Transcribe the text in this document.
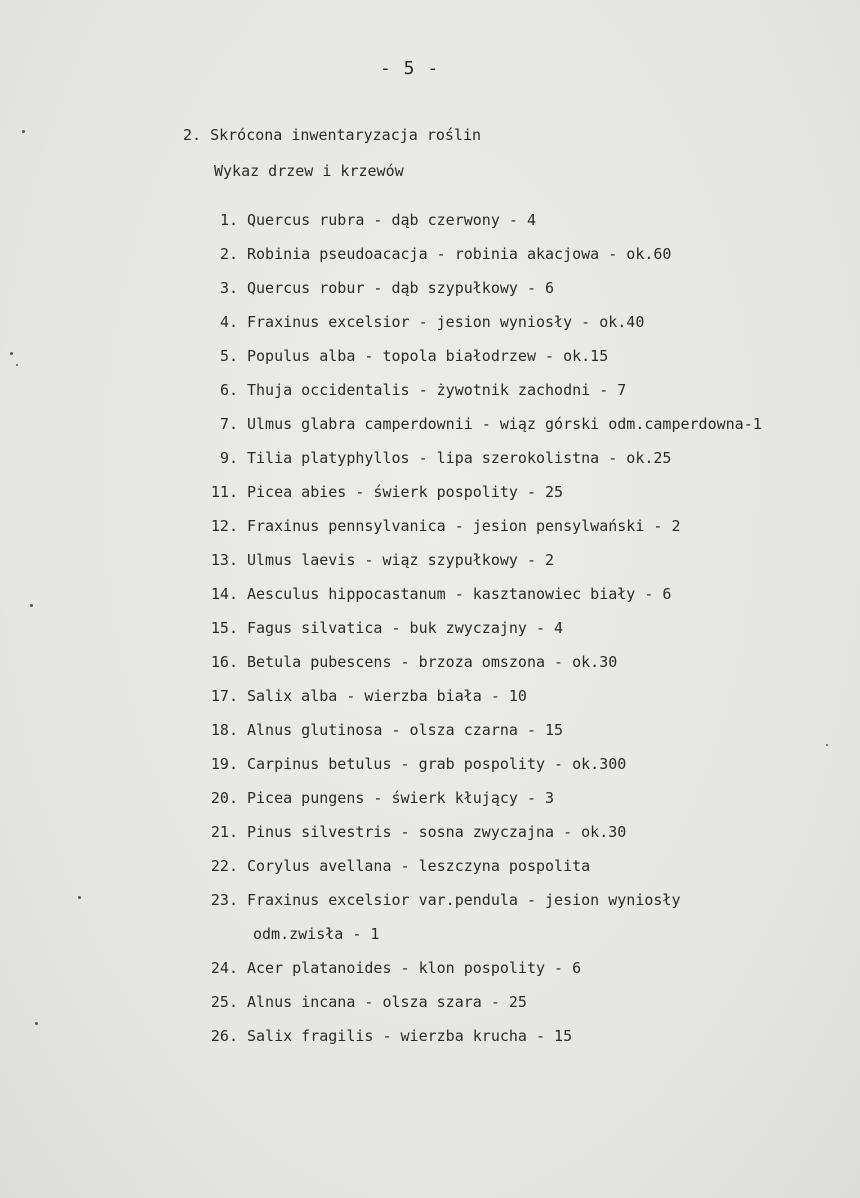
- 5 -
2. Skrócona inwentaryzacja roślin
Wykaz drzew i krzewów
1. Quercus rubra - dąb czerwony - 4
2. Robinia pseudoacacja - robinia akacjowa - ok.60
3. Quercus robur - dąb szypułkowy - 6
4. Fraxinus excelsior - jesion wyniosły - ok.40
5. Populus alba - topola białodrzew - ok.15
6. Thuja occidentalis - żywotnik zachodni - 7
7. Ulmus glabra camperdownii - wiąz górski odm.camperdowna-1
9. Tilia platyphyllos - lipa szerokolistna - ok.25
11. Picea abies - świerk pospolity - 25
12. Fraxinus pennsylvanica - jesion pensylwański - 2
13. Ulmus laevis - wiąz szypułkowy - 2
14. Aesculus hippocastanum - kasztanowiec biały - 6
15. Fagus silvatica - buk zwyczajny - 4
16. Betula pubescens - brzoza omszona - ok.30
17. Salix alba - wierzba biała - 10
18. Alnus glutinosa - olsza czarna - 15
19. Carpinus betulus - grab pospolity - ok.300
20. Picea pungens - świerk kłujący - 3
21. Pinus silvestris - sosna zwyczajna - ok.30
22. Corylus avellana - leszczyna pospolita
23. Fraxinus excelsior var.pendula - jesion wyniosły
odm.zwisła - 1
24. Acer platanoides - klon pospolity - 6
25. Alnus incana - olsza szara - 25
26. Salix fragilis - wierzba krucha - 15
